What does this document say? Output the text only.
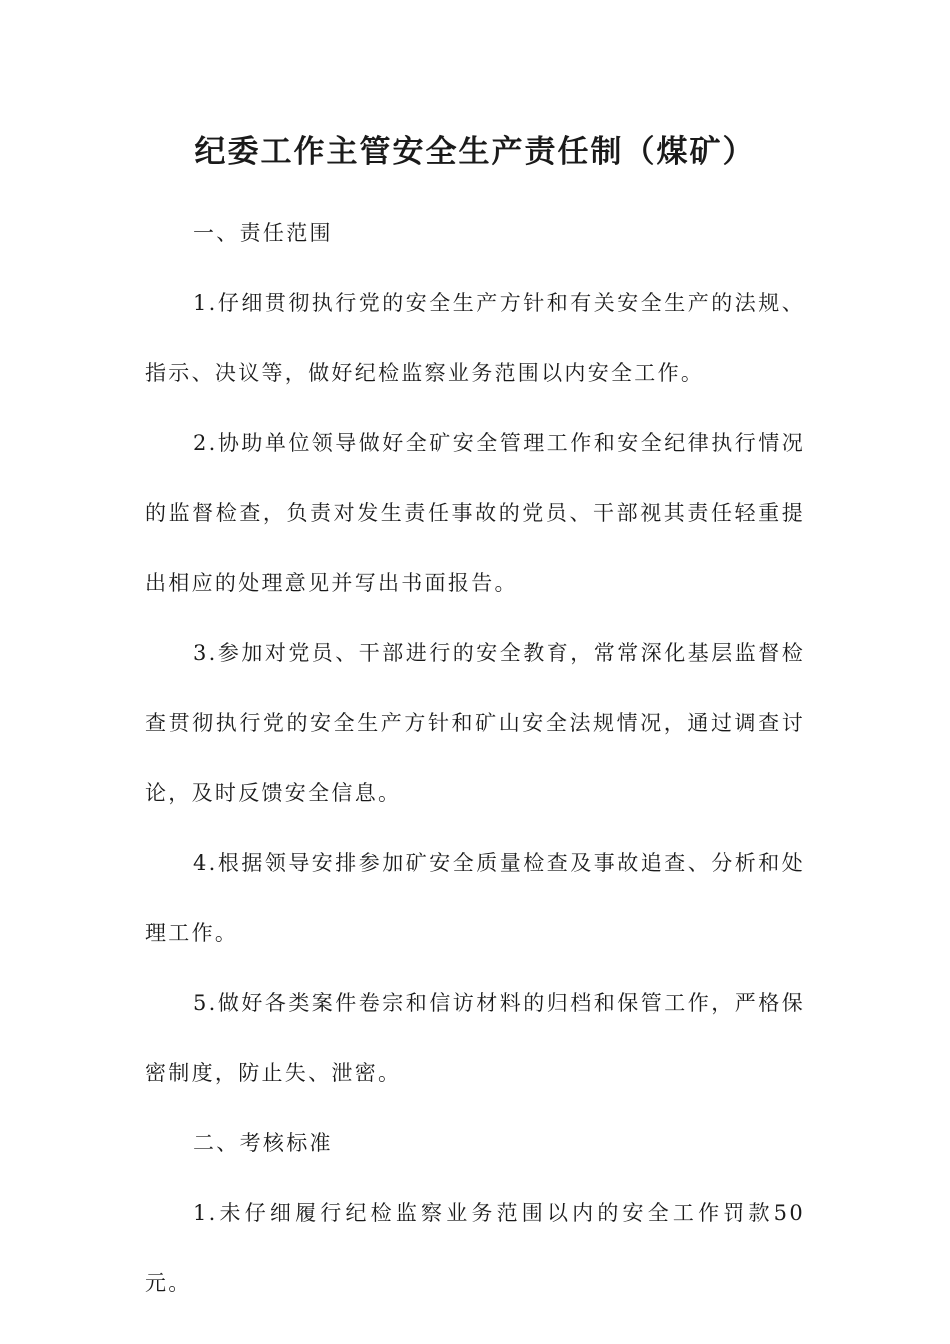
纪委工作主管安全生产责任制（煤矿）

一、责任范围

1.仔细贯彻执行党的安全生产方针和有关安全生产的法规、指示、决议等，做好纪检监察业务范围以内安全工作。

2.协助单位领导做好全矿安全管理工作和安全纪律执行情况的监督检查，负责对发生责任事故的党员、干部视其责任轻重提出相应的处理意见并写出书面报告。

3.参加对党员、干部进行的安全教育，常常深化基层监督检查贯彻执行党的安全生产方针和矿山安全法规情况，通过调查讨论，及时反馈安全信息。

4.根据领导安排参加矿安全质量检查及事故追查、分析和处理工作。

5.做好各类案件卷宗和信访材料的归档和保管工作，严格保密制度，防止失、泄密。

二、考核标准

1.未仔细履行纪检监察业务范围以内的安全工作罚款50元。
